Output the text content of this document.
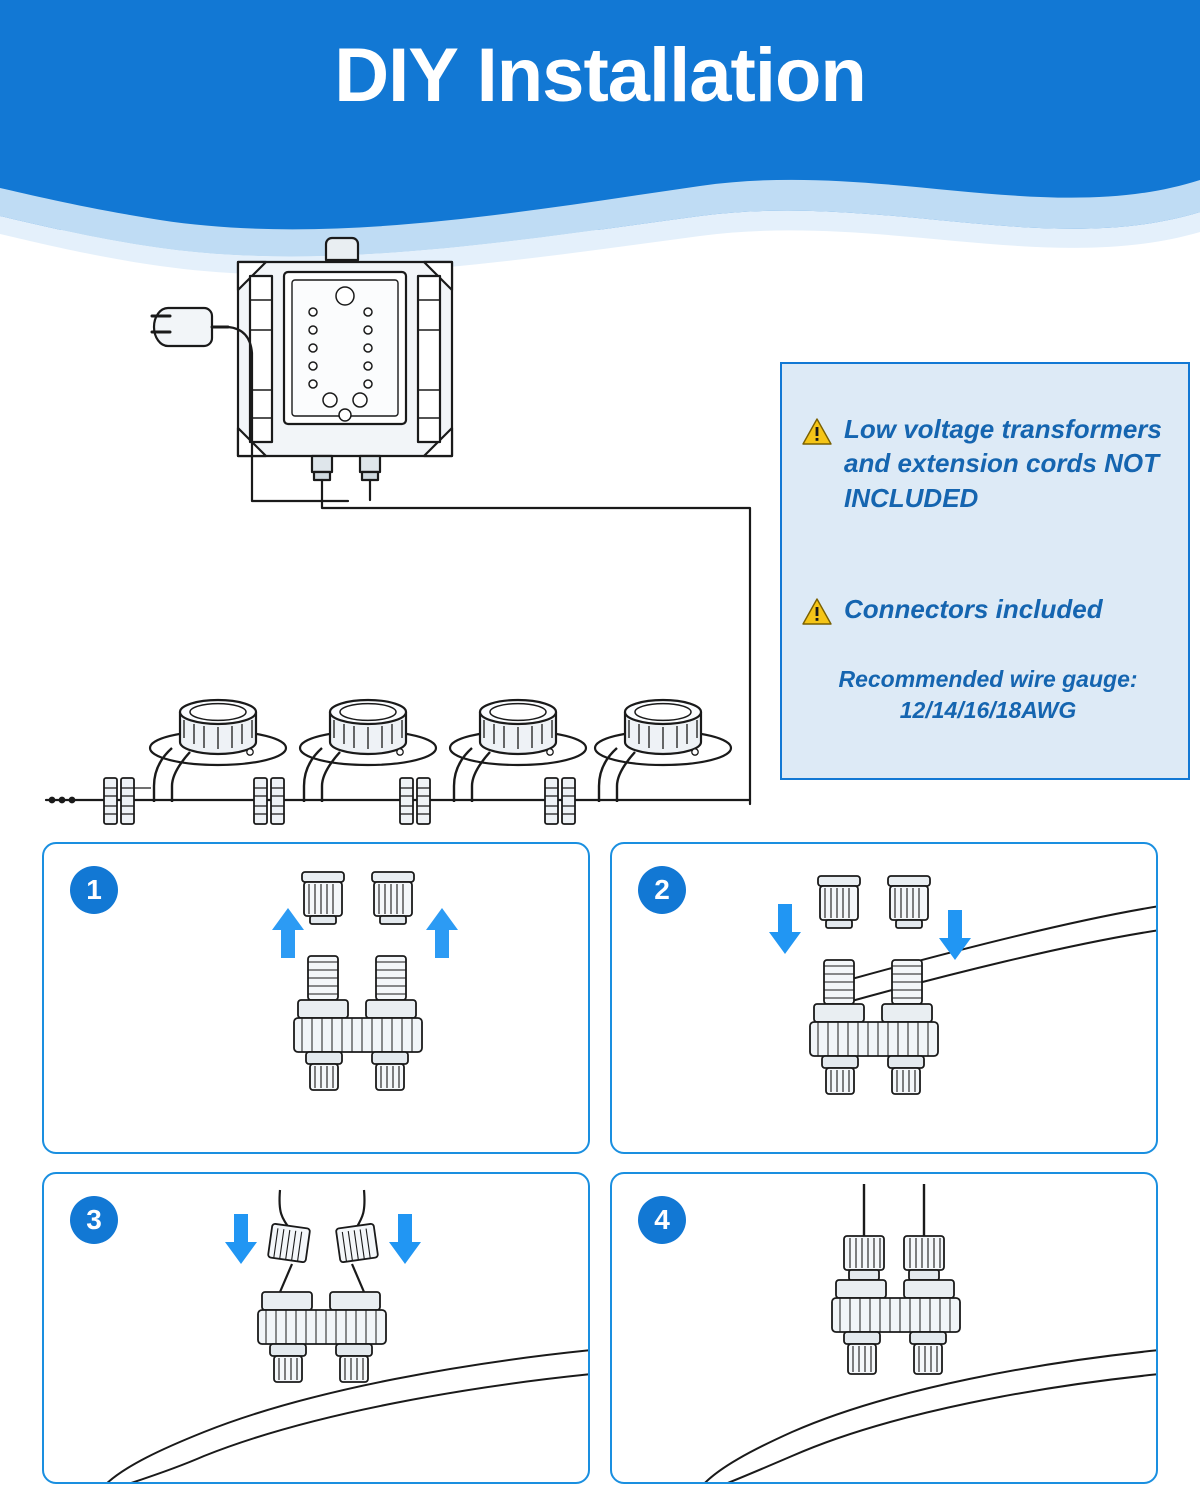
DIY Installation
Low voltage transformers and extension cords NOT INCLUDED
Connectors included
Recommended wire gauge: 12/14/16/18AWG
1	2
3	4
